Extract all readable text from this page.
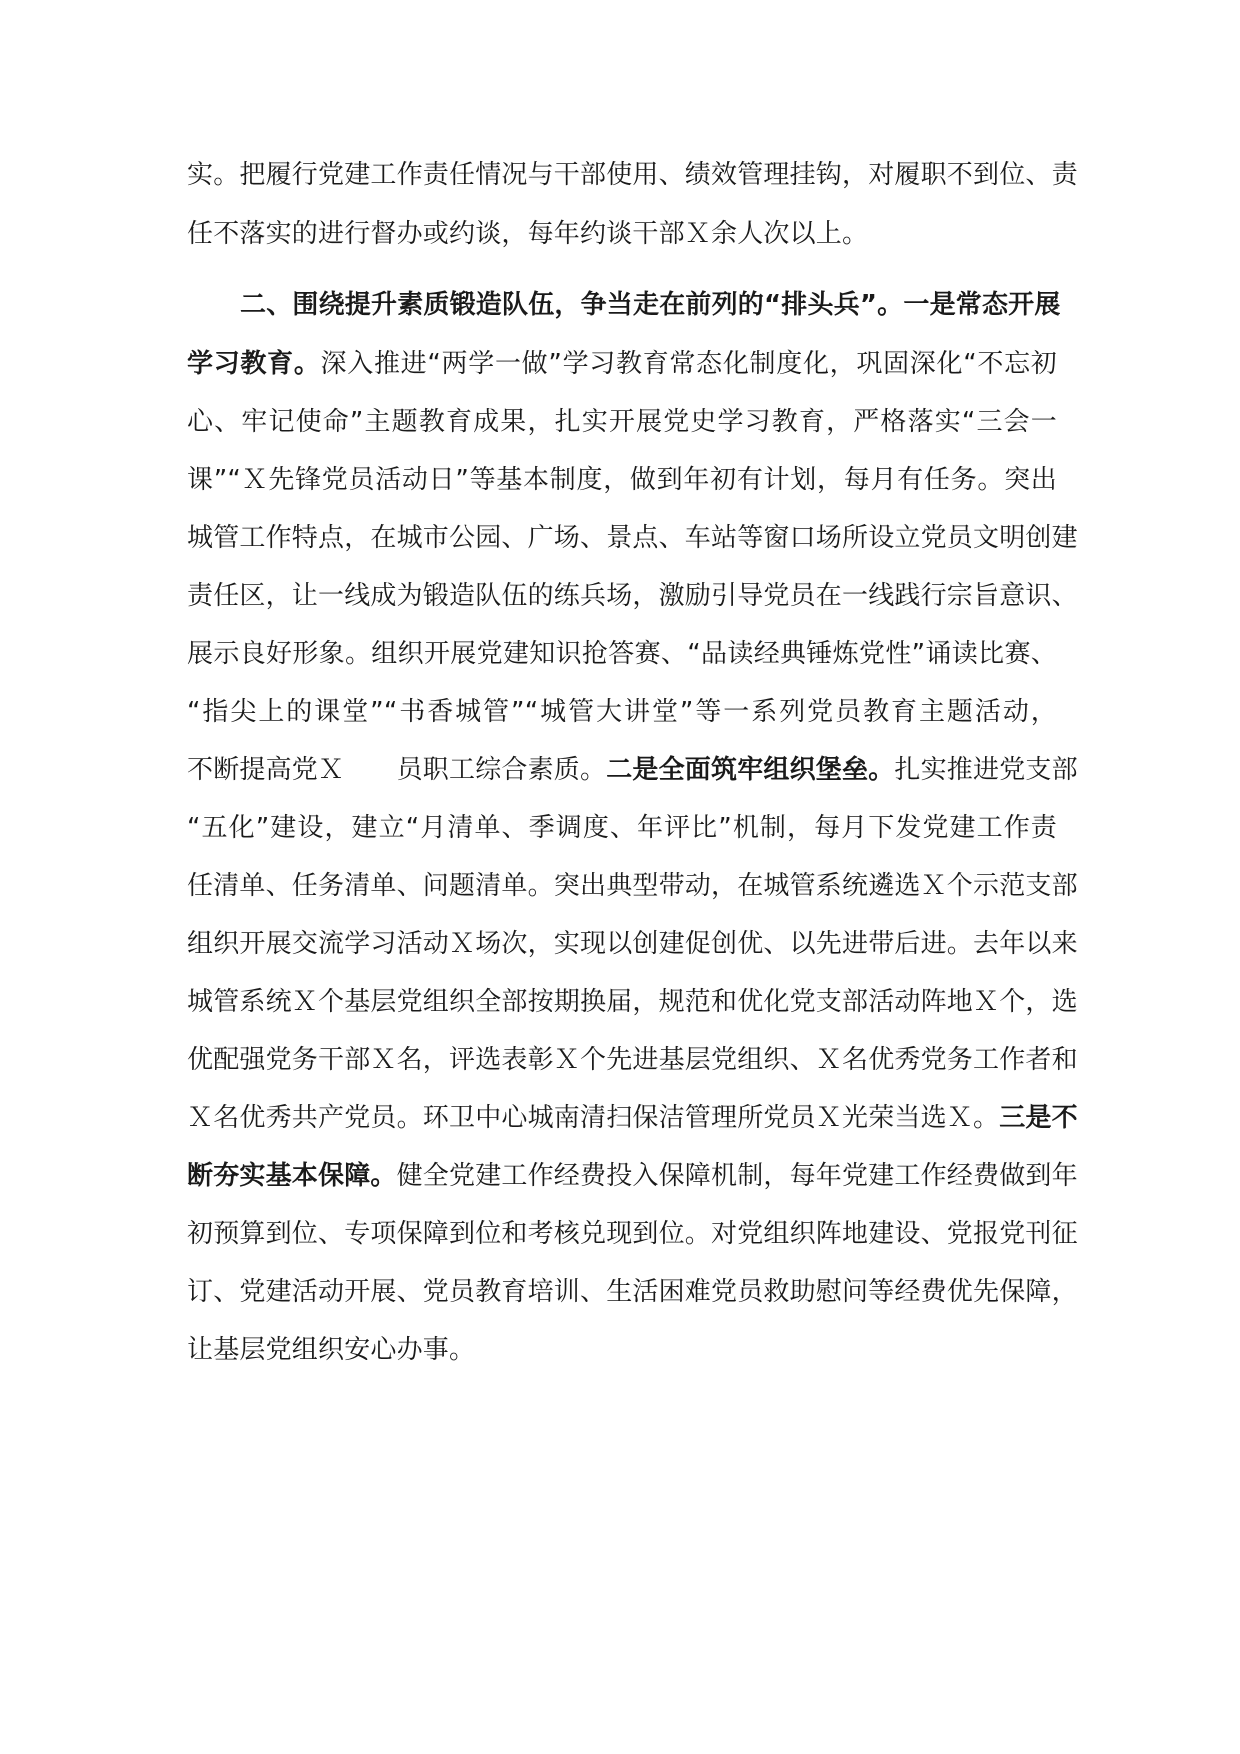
实。把履行党建工作责任情况与干部使用、绩效管理挂钩，对履职不到位、责
任不落实的进行督办或约谈，每年约谈干部Ｘ余人次以上。
二、围绕提升素质锻造队伍，争当走在前列的“排头兵”。一是常态开展
学习教育。深入推进“两学一做”学习教育常态化制度化，巩固深化“不忘初
心、牢记使命”主题教育成果，扎实开展党史学习教育，严格落实“三会一
课”“Ｘ先锋党员活动日”等基本制度，做到年初有计划，每月有任务。突出
城管工作特点，在城市公园、广场、景点、车站等窗口场所设立党员文明创建
责任区，让一线成为锻造队伍的练兵场，激励引导党员在一线践行宗旨意识、
展示良好形象。组织开展党建知识抢答赛、“品读经典锤炼党性”诵读比赛、
“指尖上的课堂”“书香城管”“城管大讲堂”等一系列党员教育主题活动，
不断提高党Ｘ　　员职工综合素质。二是全面筑牢组织堡垒。扎实推进党支部
“五化”建设，建立“月清单、季调度、年评比”机制，每月下发党建工作责
任清单、任务清单、问题清单。突出典型带动，在城管系统遴选Ｘ个示范支部
组织开展交流学习活动Ｘ场次，实现以创建促创优、以先进带后进。去年以来
城管系统Ｘ个基层党组织全部按期换届，规范和优化党支部活动阵地Ｘ个，选
优配强党务干部Ｘ名，评选表彰Ｘ个先进基层党组织、Ｘ名优秀党务工作者和
Ｘ名优秀共产党员。环卫中心城南清扫保洁管理所党员Ｘ光荣当选Ｘ。三是不
断夯实基本保障。健全党建工作经费投入保障机制，每年党建工作经费做到年
初预算到位、专项保障到位和考核兑现到位。对党组织阵地建设、党报党刊征
订、党建活动开展、党员教育培训、生活困难党员救助慰问等经费优先保障，
让基层党组织安心办事。
